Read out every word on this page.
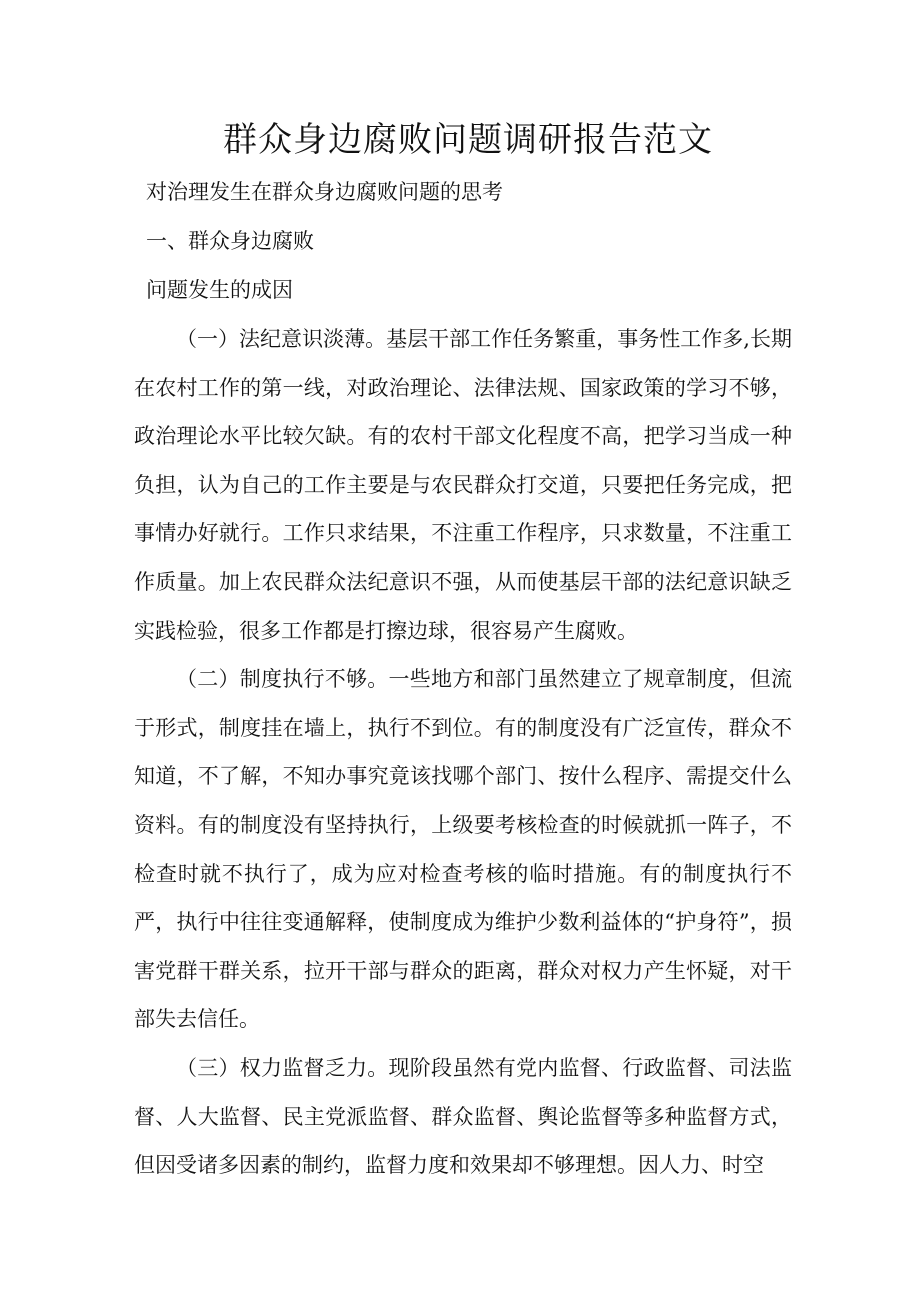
群众身边腐败问题调研报告范文

对治理发生在群众身边腐败问题的思考

一、群众身边腐败

问题发生的成因

（一）法纪意识淡薄。基层干部工作任务繁重，事务性工作多,长期在农村工作的第一线，对政治理论、法律法规、国家政策的学习不够，政治理论水平比较欠缺。有的农村干部文化程度不高，把学习当成一种负担，认为自己的工作主要是与农民群众打交道，只要把任务完成，把事情办好就行。工作只求结果，不注重工作程序，只求数量，不注重工作质量。加上农民群众法纪意识不强，从而使基层干部的法纪意识缺乏实践检验，很多工作都是打擦边球，很容易产生腐败。

（二）制度执行不够。一些地方和部门虽然建立了规章制度，但流于形式，制度挂在墙上，执行不到位。有的制度没有广泛宣传，群众不知道，不了解，不知办事究竟该找哪个部门、按什么程序、需提交什么资料。有的制度没有坚持执行，上级要考核检查的时候就抓一阵子，不检查时就不执行了，成为应对检查考核的临时措施。有的制度执行不严，执行中往往变通解释，使制度成为维护少数利益体的“护身符”，损害党群干群关系，拉开干部与群众的距离，群众对权力产生怀疑，对干部失去信任。

（三）权力监督乏力。现阶段虽然有党内监督、行政监督、司法监督、人大监督、民主党派监督、群众监督、舆论监督等多种监督方式，但因受诸多因素的制约，监督力度和效果却不够理想。因人力、时空
